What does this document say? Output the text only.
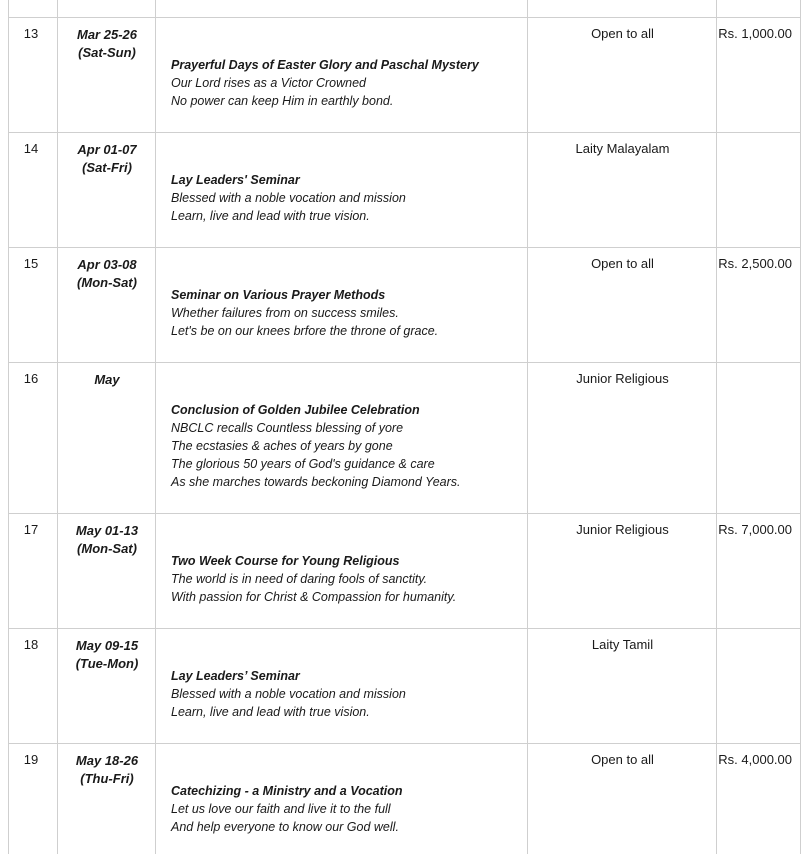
13	Mar 25-26
(Sat-Sun)
Prayerful Days of Easter Glory and Paschal Mystery
Our Lord rises as a Victor Crowned
No power can keep Him in earthly bond.
Open to all	Rs. 1,000.00
14	Apr 01-07
(Sat-Fri)
Lay Leaders' Seminar
Blessed with a noble vocation and mission
Learn, live and lead with true vision.
Laity Malayalam
15	Apr 03-08
(Mon-Sat)
Seminar on Various Prayer Methods
Whether failures from on success smiles.
Let's be on our knees brfore the throne of grace.
Open to all	Rs. 2,500.00
16	May
Conclusion of Golden Jubilee Celebration
NBCLC recalls Countless blessing of yore
The ecstasies & aches of years by gone
The glorious 50 years of God's guidance & care
As she marches towards beckoning Diamond Years.
Junior Religious
17	May 01-13
(Mon-Sat)
Two Week Course for Young Religious
The world is in need of daring fools of sanctity.
With passion for Christ & Compassion for humanity.
Junior Religious	Rs. 7,000.00
18	May 09-15
(Tue-Mon)
Lay Leaders’ Seminar
Blessed with a noble vocation and mission
Learn, live and lead with true vision.
Laity Tamil
19	May 18-26
(Thu-Fri)
Catechizing - a Ministry and a Vocation
Let us love our faith and live it to the full
And help everyone to know our God well.
Open to all	Rs. 4,000.00
